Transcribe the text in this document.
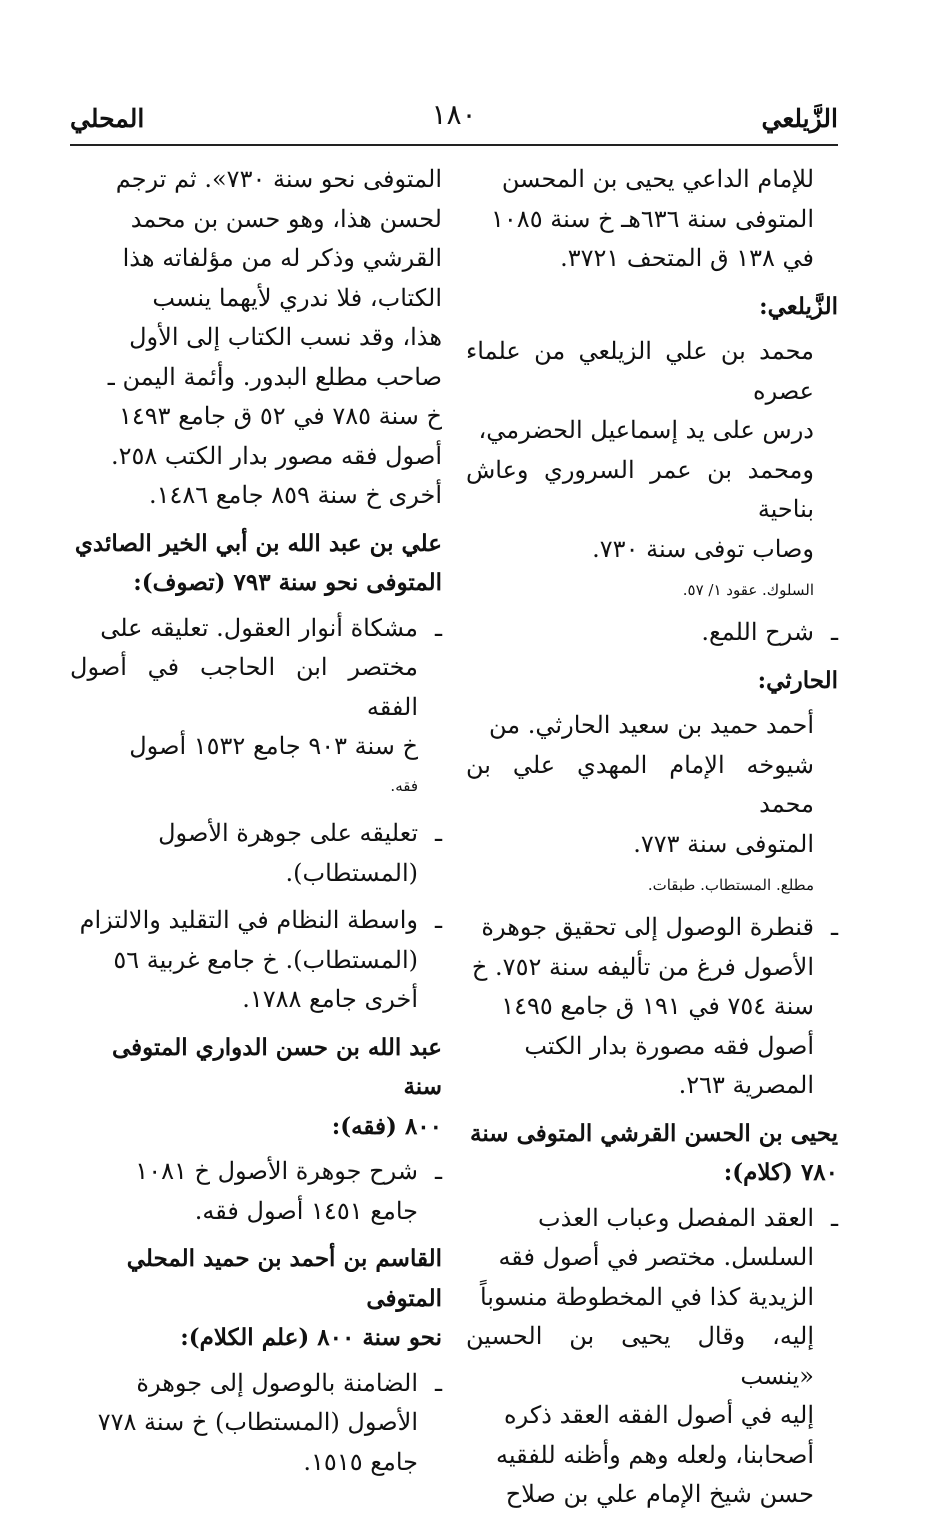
الزَّيلعي
١٨٠
المحلي
للإمام الداعي يحيى بن المحسن
المتوفى سنة ٦٣٦هـ خ سنة ١٠٨٥
في ١٣٨ ق المتحف ٣٧٢١.
الزَّيلعي:
محمد بن علي الزيلعي من علماء عصره
درس على يد إسماعيل الحضرمي،
ومحمد بن عمر السروري وعاش بناحية
وصاب توفى سنة ٧٣٠.
السلوك. عقود ١/ ٥٧.
ـ
شرح اللمع.
الحارثي:
أحمد حميد بن سعيد الحارثي. من
شيوخه الإمام المهدي علي بن محمد
المتوفى سنة ٧٧٣.
مطلع. المستطاب. طبقات.
ـ
قنطرة الوصول إلى تحقيق جوهرة
الأصول فرغ من تأليفه سنة ٧٥٢. خ
سنة ٧٥٤ في ١٩١ ق جامع ١٤٩٥
أصول فقه مصورة بدار الكتب
المصرية ٢٦٣.
يحيى بن الحسن القرشي المتوفى سنة
٧٨٠ (كلام):
ـ
العقد المفصل وعباب العذب
السلسل. مختصر في أصول فقه
الزيدية كذا في المخطوطة منسوباً
إليه، وقال يحيى بن الحسين «ينسب
إليه في أصول الفقه العقد ذكره
أصحابنا، ولعله وهم وأظنه للفقيه
حسن شيخ الإمام علي بن صلاح
المتوفى نحو سنة ٧٣٠». ثم ترجم
لحسن هذا، وهو حسن بن محمد
القرشي وذكر له من مؤلفاته هذا
الكتاب، فلا ندري لأيهما ينسب
هذا، وقد نسب الكتاب إلى الأول
صاحب مطلع البدور. وأئمة اليمن ـ
خ سنة ٧٨٥ في ٥٢ ق جامع ١٤٩٣
أصول فقه مصور بدار الكتب ٢٥٨.
أخرى خ سنة ٨٥٩ جامع ١٤٨٦.
علي بن عبد الله بن أبي الخير الصائدي
المتوفى نحو سنة ٧٩٣ (تصوف):
ـ
مشكاة أنوار العقول. تعليقه على
مختصر ابن الحاجب في أصول الفقه
خ سنة ٩٠٣ جامع ١٥٣٢ أصول
فقه.
ـ
تعليقه على جوهرة الأصول
(المستطاب).
ـ
واسطة النظام في التقليد والالتزام
(المستطاب). خ جامع غربية ٥٦
أخرى جامع ١٧٨٨.
عبد الله بن حسن الدواري المتوفى سنة
٨٠٠ (فقه):
ـ
شرح جوهرة الأصول خ ١٠٨١
جامع ١٤٥١ أصول فقه.
القاسم بن أحمد بن حميد المحلي المتوفى
نحو سنة ٨٠٠ (علم الكلام):
ـ
الضامنة بالوصول إلى جوهرة
الأصول (المستطاب) خ سنة ٧٧٨
جامع ١٥١٥.
